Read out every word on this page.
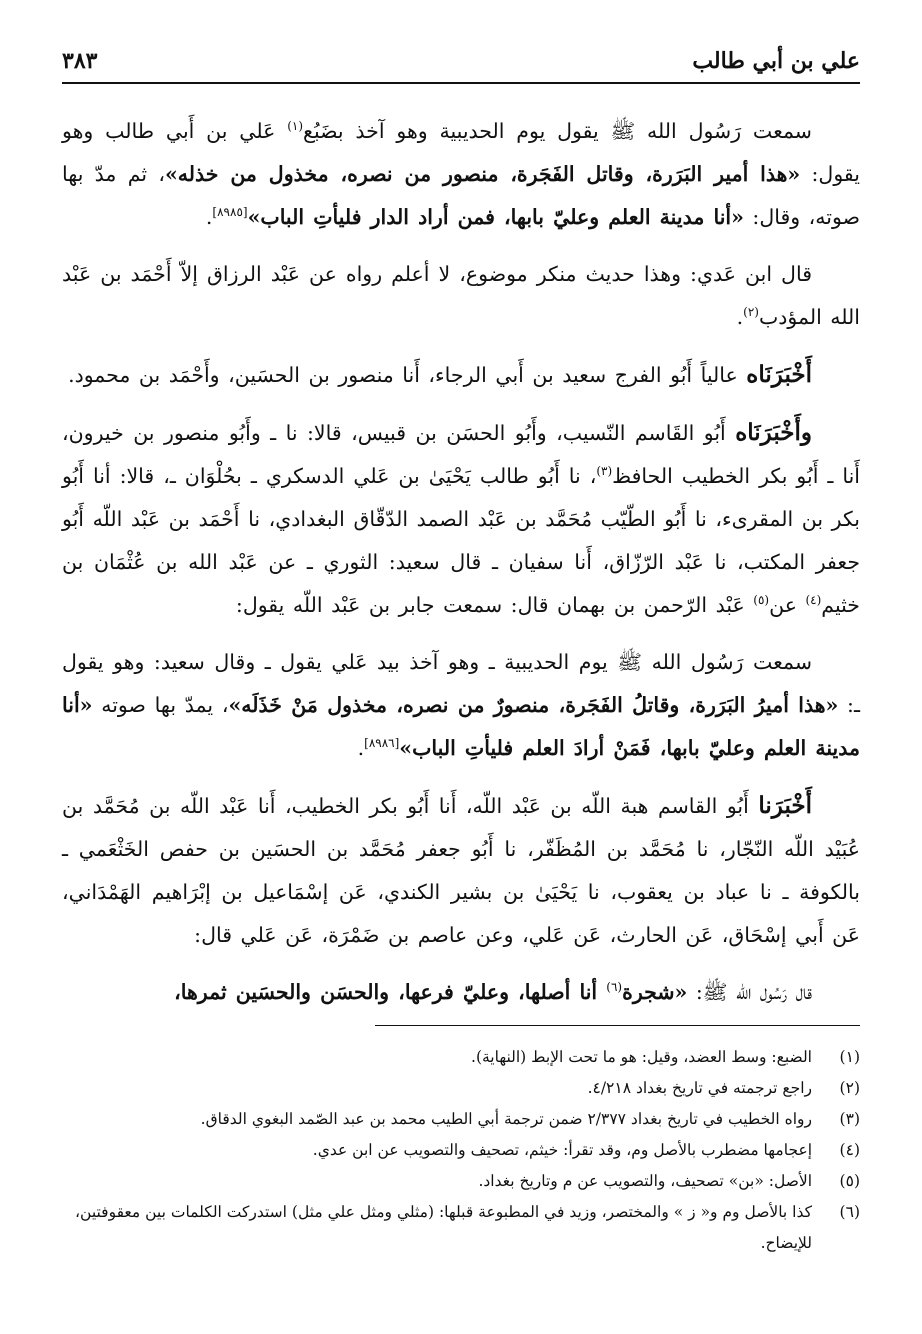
علي بن أبي طالب
٣٨٣

سمعت رَسُول الله ﷺ يقول يوم الحديبية وهو آخذ بضَبُع$^{(١)}$ عَلي بن أَبي طالب وهو يقول: «هذا أمير البَرَرة، وقاتل الفَجَرة، منصور من نصره، مخذول من خذله»، ثم مدّ بها صوته، وقال: «أنا مدينة العلم وعليّ بابها، فمن أراد الدار فليأتِ الباب»[٨٩٨٥].

قال ابن عَدي: وهذا حديث منكر موضوع، لا أعلم رواه عن عَبْد الرزاق إلاّ أَحْمَد بن عَبْد الله المؤدب$^{(٢)}$.

أَخْبَرَنَاه عالياً أَبُو الفرج سعيد بن أَبي الرجاء، أَنا منصور بن الحسَين، وأَحْمَد بن محمود.

وأَخْبَرَنَاه أَبُو القَاسم النّسيب، وأَبُو الحسَن بن قبيس، قالا: نا ـ وأَبُو منصور بن خيرون، أَنا ـ أَبُو بكر الخطيب الحافظ$^{(٣)}$، نا أَبُو طالب يَحْيَىٰ بن عَلي الدسكري ـ بحُلْوَان ـ، قالا: أنا أَبُو بكر بن المقرىء، نا أَبُو الطّيّب مُحَمَّد بن عَبْد الصمد الدّقّاق البغدادي، نا أَحْمَد بن عَبْد اللّه أَبُو جعفر المكتب، نا عَبْد الرّزّاق، أَنا سفيان ـ قال سعيد: الثوري ـ عن عَبْد الله بن عُثْمَان بن خثيم$^{(٤)}$ عن$^{(٥)}$ عَبْد الرّحمن بن بهمان قال: سمعت جابر بن عَبْد اللّه يقول:

سمعت رَسُول الله ﷺ يوم الحديبية ـ وهو آخذ بيد عَلي يقول ـ وقال سعيد: وهو يقول ـ: «هذا أميرُ البَرَرة، وقاتلُ الفَجَرة، منصورٌ من نصره، مخذول مَنْ خَذَلَه»، يمدّ بها صوته «أنا مدينة العلم وعليّ بابها، فَمَنْ أرادَ العلم فليأتِ الباب»[٨٩٨٦].

أَخْبَرَنا أَبُو القاسم هبة اللّه بن عَبْد اللّه، أَنا أَبُو بكر الخطيب، أَنا عَبْد اللّه بن مُحَمَّد بن عُبَيْد اللّه النّجّار، نا مُحَمَّد بن المُظَفّر، نا أَبُو جعفر مُحَمَّد بن الحسَين بن حفص الخَثْعَمي ـ بالكوفة ـ نا عباد بن يعقوب، نا يَحْيَىٰ بن بشير الكندي، عَن إسْمَاعيل بن إبْرَاهيم الهَمْدَاني، عَن أَبي إسْحَاق، عَن الحارث، عَن عَلي، وعن عاصم بن ضَمْرَة، عَن عَلي قال:

قال رَسُول الله ﷺ: «شجرة$^{(٦)}$ أنا أصلها، وعليّ فرعها، والحسَن والحسَين ثمرها،

(١)
الضبع: وسط العضد، وقيل: هو ما تحت الإبط (النهاية).
(٢)
راجع ترجمته في تاريخ بغداد ٤/٢١٨.
(٣)
رواه الخطيب في تاريخ بغداد ٢/٣٧٧ ضمن ترجمة أبي الطيب محمد بن عبد الصّمد البغوي الدقاق.
(٤)
إعجامها مضطرب بالأصل وم، وقد تقرأ: خيثم، تصحيف والتصويب عن ابن عدي.
(٥)
الأصل: «بن» تصحيف، والتصويب عن م وتاريخ بغداد.
(٦)
كذا بالأصل وم و« ز » والمختصر، وزيد في المطبوعة قبلها: (مثلي ومثل علي مثل) استدركت الكلمات بين معقوفتين، للإيضاح.
